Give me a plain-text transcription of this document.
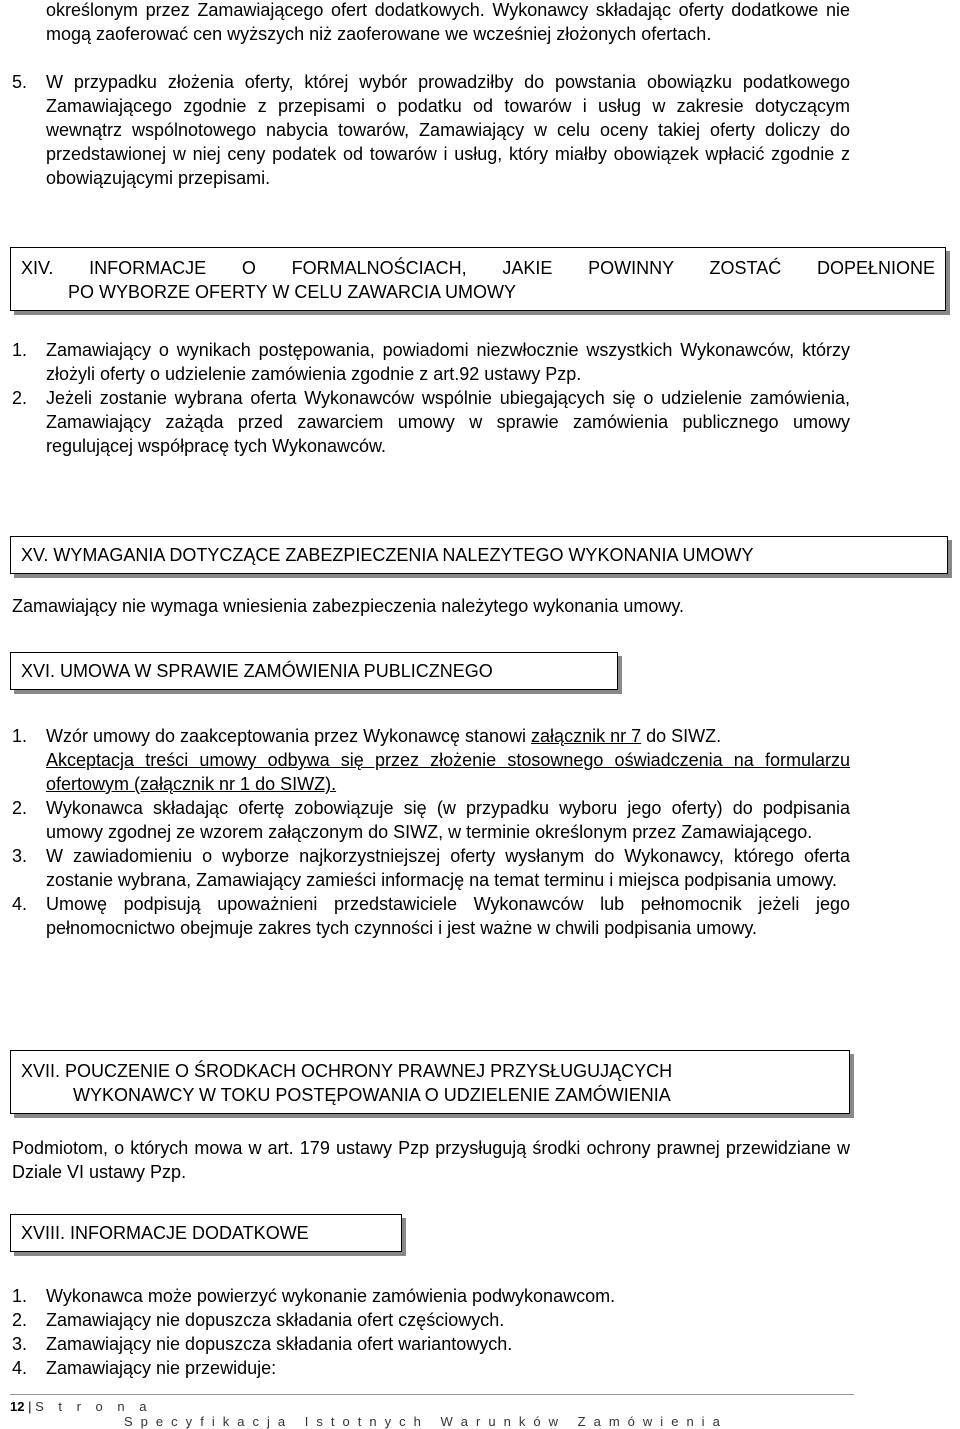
określonym przez Zamawiającego ofert dodatkowych. Wykonawcy składając oferty dodatkowe nie mogą zaoferować cen wyższych niż zaoferowane we wcześniej złożonych ofertach.

5. W przypadku złożenia oferty, której wybór prowadziłby do powstania obowiązku podatkowego Zamawiającego zgodnie z przepisami o podatku od towarów i usług w zakresie dotyczącym wewnątrz wspólnotowego nabycia towarów, Zamawiający w celu oceny takiej oferty doliczy do przedstawionej w niej ceny podatek od towarów i usług, który miałby obowiązek wpłacić zgodnie z obowiązującymi przepisami.
XIV. INFORMACJE O FORMALNOŚCIACH, JAKIE POWINNY ZOSTAĆ DOPEŁNIONE
PO WYBORZE OFERTY W CELU ZAWARCIA UMOWY
1. Zamawiający o wynikach postępowania, powiadomi niezwłocznie wszystkich Wykonawców, którzy złożyli oferty o udzielenie zamówienia zgodnie z art.92 ustawy Pzp.
2. Jeżeli zostanie wybrana oferta Wykonawców wspólnie ubiegających się o udzielenie zamówienia, Zamawiający zażąda przed zawarciem umowy w sprawie zamówienia publicznego umowy regulującej współpracę tych Wykonawców.
XV. WYMAGANIA DOTYCZĄCE ZABEZPIECZENIA NALEZYTEGO WYKONANIA UMOWY

Zamawiający nie wymaga wniesienia zabezpieczenia należytego wykonania umowy.

XVI. UMOWA W SPRAWIE ZAMÓWIENIA PUBLICZNEGO
1. Wzór umowy do zaakceptowania przez Wykonawcę stanowi załącznik nr 7 do SIWZ.
Akceptacja treści umowy odbywa się przez złożenie stosownego oświadczenia na formularzu ofertowym (załącznik nr 1 do SIWZ).
2. Wykonawca składając ofertę zobowiązuje się (w przypadku wyboru jego oferty) do podpisania umowy zgodnej ze wzorem załączonym do SIWZ, w terminie określonym przez Zamawiającego.
3. W zawiadomieniu o wyborze najkorzystniejszej oferty wysłanym do Wykonawcy, którego oferta zostanie wybrana, Zamawiający zamieści informację na temat terminu i miejsca podpisania umowy.
4. Umowę podpisują upoważnieni przedstawiciele Wykonawców lub pełnomocnik jeżeli jego pełnomocnictwo obejmuje zakres tych czynności i jest ważne w chwili podpisania umowy.
XVII. POUCZENIE O ŚRODKACH OCHRONY PRAWNEJ PRZYSŁUGUJĄCYCH
WYKONAWCY W TOKU POSTĘPOWANIA O UDZIELENIE ZAMÓWIENIA

Podmiotom, o których mowa w art. 179 ustawy Pzp przysługują środki ochrony prawnej przewidziane w Dziale VI ustawy Pzp.

XVIII. INFORMACJE DODATKOWE
1. Wykonawca może powierzyć wykonanie zamówienia podwykonawcom.
2. Zamawiający nie dopuszcza składania ofert częściowych.
3. Zamawiający nie dopuszcza składania ofert wariantowych.
4. Zamawiający nie przewiduje:
12 | S t r o n a S p e c y f i k a c j a   I s t o t n y c h   W a r u n k ó w   Z a m ó w i e n i a
